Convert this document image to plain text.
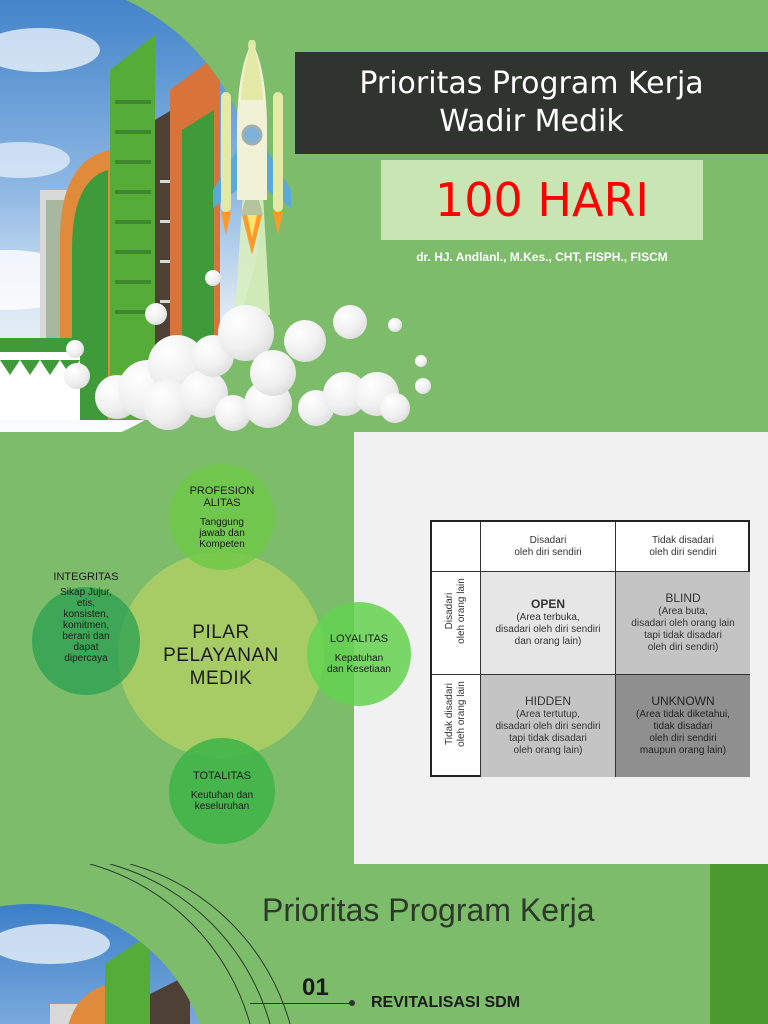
Prioritas Program Kerja
Wadir Medik
100 HARI
dr. HJ. Andlanl., M.Kes., CHT, FISPH., FISCM
PILAR
PELAYANAN
MEDIK
PROFESION
ALITAS
Tanggung
jawab dan
Kompeten
INTEGRITAS
Sikap Jujur,
etis,
konsisten,
komitmen,
berani dan
dapat
dipercaya
TOTALITAS
Keutuhan dan
keseluruhan
LOYALITAS
Kepatuhan
dan Kesetiaan
Disadari
oleh diri sendiri
Tidak disadari
oleh diri sendiri
Disadari oleh orang lain
Tidak disadari oleh orang lain
OPEN
(Area terbuka,
disadari oleh diri sendiri
dan orang lain)
BLIND
(Area buta,
disadari oleh orang lain
tapi tidak disadari
oleh diri sendiri)
HIDDEN
(Area tertutup,
disadari oleh diri sendiri
tapi tidak disadari
oleh orang lain)
UNKNOWN
(Area tidak diketahui,
tidak disadari
oleh diri sendiri
maupun orang lain)
Prioritas Program Kerja
01
REVITALISASI SDM
